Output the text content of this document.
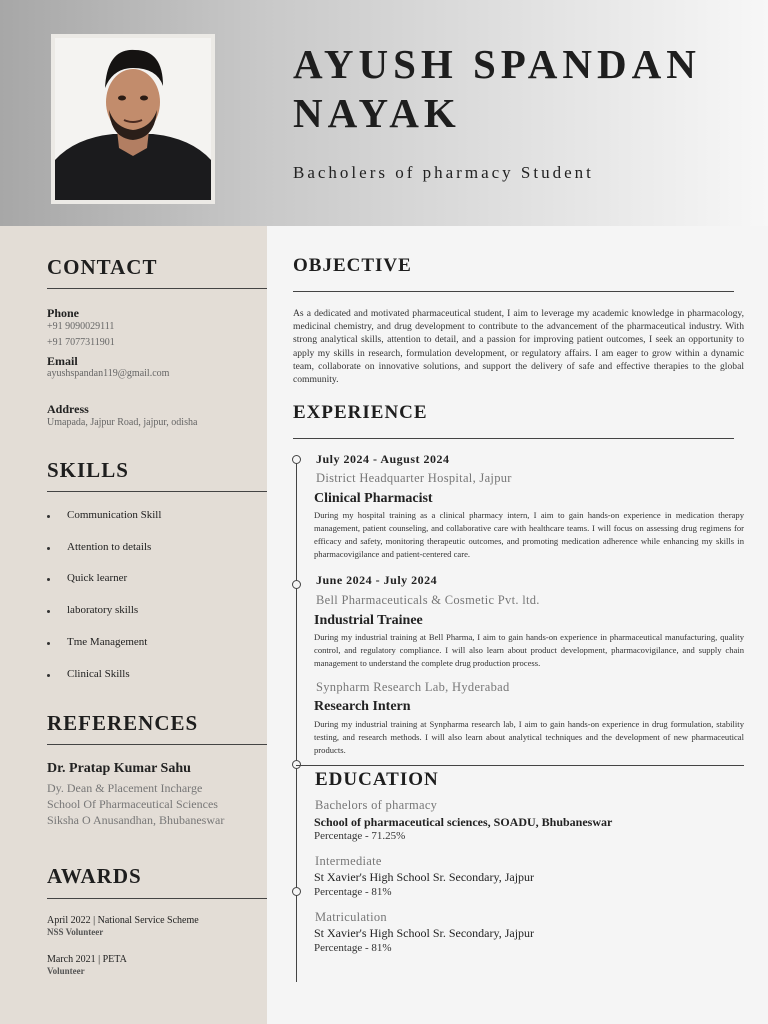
AYUSH SPANDAN
NAYAK
Bacholers of pharmacy Student
CONTACT
Phone
+91 9090029111
+91 7077311901
Email
ayushspandan119@gmail.com
Address
Umapada, Jajpur Road, jajpur, odisha
SKILLS
Communication Skill
Attention to details
Quick learner
laboratory skills
Tme Management
Clinical Skills
REFERENCES
Dr. Pratap Kumar Sahu
Dy. Dean & Placement Incharge
School Of Pharmaceutical Sciences
Siksha O Anusandhan, Bhubaneswar
AWARDS
April 2022 | National Service Scheme
NSS Volunteer
March 2021 | PETA
Volunteer
OBJECTIVE
As a dedicated and motivated pharmaceutical student, I aim to leverage my academic knowledge in pharmacology, medicinal chemistry, and drug development to contribute to the advancement of the pharmaceutical industry. With strong analytical skills, attention to detail, and a passion for improving patient outcomes, I seek an opportunity to apply my skills in research, formulation development, or regulatory affairs. I am eager to grow within a dynamic team, collaborate on innovative solutions, and support the delivery of safe and effective therapies to the global community.
EXPERIENCE
July 2024 - August 2024
District Headquarter Hospital, Jajpur
Clinical Pharmacist
During my hospital training as a clinical pharmacy intern, I aim to gain hands-on experience in medication therapy management, patient counseling, and collaborative care with healthcare teams. I will focus on assessing drug regimens for efficacy and safety, monitoring therapeutic outcomes, and promoting medication adherence while enhancing my skills in pharmacovigilance and patient-centered care.
June 2024 - July 2024
Bell Pharmaceuticals & Cosmetic Pvt. ltd.
Industrial Trainee
During my industrial training at Bell Pharma, I aim to gain hands-on experience in pharmaceutical manufacturing, quality control, and regulatory compliance. I will also learn about product development, pharmacovigilance, and supply chain management to understand the complete drug production process.
Synpharm Research Lab, Hyderabad
Research Intern
During my industrial training at Synpharma research lab, I aim to gain hands-on experience in drug formulation, stability testing, and research methods. I will also learn about analytical techniques and the development of new pharmaceutical products.
EDUCATION
Bachelors of pharmacy
School of pharmaceutical sciences, SOADU, Bhubaneswar
Percentage - 71.25%
Intermediate
St Xavier's High School Sr. Secondary, Jajpur
Percentage - 81%
Matriculation
St Xavier's High School Sr. Secondary, Jajpur
Percentage - 81%
